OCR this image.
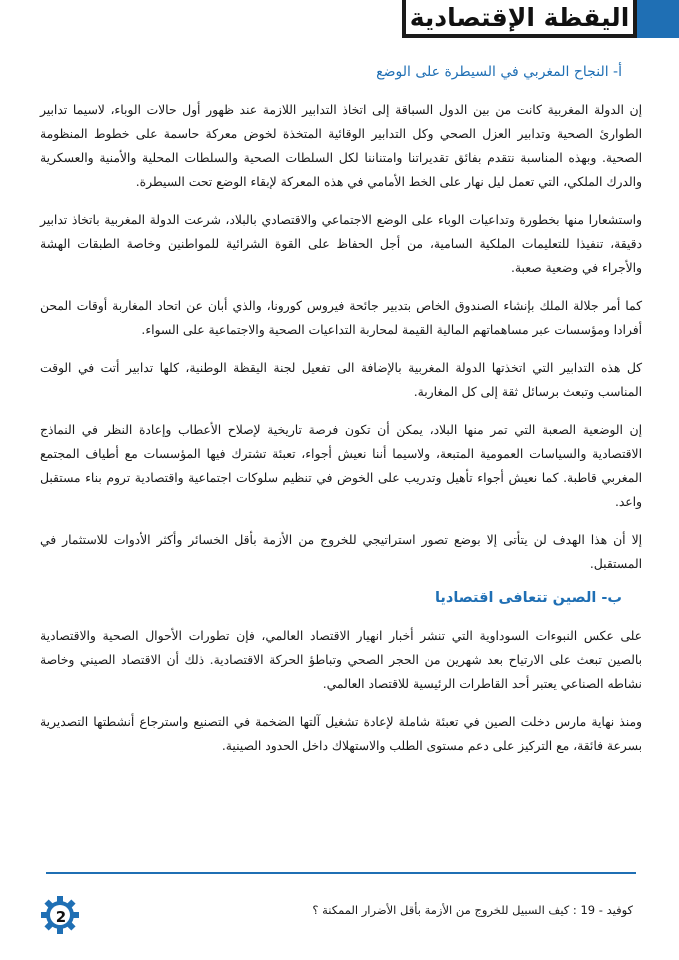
اليقظة الإقتصادية
أ- النجاح المغربي في السيطرة على الوضع

إن الدولة المغربية كانت من بين الدول السباقة إلى اتخاذ التدابير اللازمة عند ظهور أول حالات الوباء، لاسيما تدابير الطوارئ الصحية وتدابير العزل الصحي وكل التدابير الوقائية المتخذة لخوض معركة حاسمة على خطوط المنظومة الصحية. وبهذه المناسبة نتقدم بفائق تقديراتنا وامتناننا لكل السلطات الصحية والسلطات المحلية والأمنية والعسكرية والدرك الملكي، التي تعمل ليل نهار على الخط الأمامي في هذه المعركة لإبقاء الوضع تحت السيطرة.

واستشعارا منها بخطورة وتداعيات الوباء على الوضع الاجتماعي والاقتصادي بالبلاد، شرعت الدولة المغربية باتخاذ تدابير دقيقة، تنفيذا للتعليمات الملكية السامية، من أجل الحفاظ على القوة الشرائية للمواطنين وخاصة الطبقات الهشة والأجراء في وضعية صعبة.

كما أمر جلالة الملك بإنشاء الصندوق الخاص بتدبير جائحة فيروس كورونا، والذي أبان عن اتحاد المغاربة أوقات المحن أفرادا ومؤسسات عبر مساهماتهم المالية القيمة لمحاربة التداعيات الصحية والاجتماعية على السواء.

كل هذه التدابير التي اتخذتها الدولة المغربية بالإضافة الى تفعيل لجنة اليقظة الوطنية، كلها تدابير أتت في الوقت المناسب وتبعث برسائل ثقة إلى كل المغاربة.

إن الوضعية الصعبة التي تمر منها البلاد، يمكن أن تكون فرصة تاريخية لإصلاح الأعطاب وإعادة النظر في النماذج الاقتصادية والسياسات العمومية المتبعة، ولاسيما أننا نعيش أجواء، تعبئة تشترك فيها المؤسسات مع أطياف المجتمع المغربي قاطبة. كما نعيش أجواء تأهيل وتدريب على الخوض في تنظيم سلوكات اجتماعية واقتصادية تروم بناء مستقبل واعد.

إلا أن هذا الهدف لن يتأتى إلا بوضع تصور استراتيجي للخروج من الأزمة بأقل الخسائر وأكثر الأدوات للاستثمار في المستقبل.

ب- الصين تتعافى اقتصاديا

على عكس النبوءات السوداوية التي تنشر أخبار انهيار الاقتصاد العالمي، فإن تطورات الأحوال الصحية والاقتصادية بالصين تبعث على الارتياح بعد شهرين من الحجر الصحي وتباطؤ الحركة الاقتصادية. ذلك أن الاقتصاد الصيني وخاصة نشاطه الصناعي يعتبر أحد القاطرات الرئيسية للاقتصاد العالمي.

ومنذ نهاية مارس دخلت الصين في تعبئة شاملة لإعادة تشغيل آلتها الضخمة في التصنيع واسترجاع أنشطتها التصديرية بسرعة فائقة، مع التركيز على دعم مستوى الطلب والاستهلاك داخل الحدود الصينية.

كوفيد - 19 : كيف السبيل للخروج من الأزمة بأقل الأضرار الممكنة ؟
2
